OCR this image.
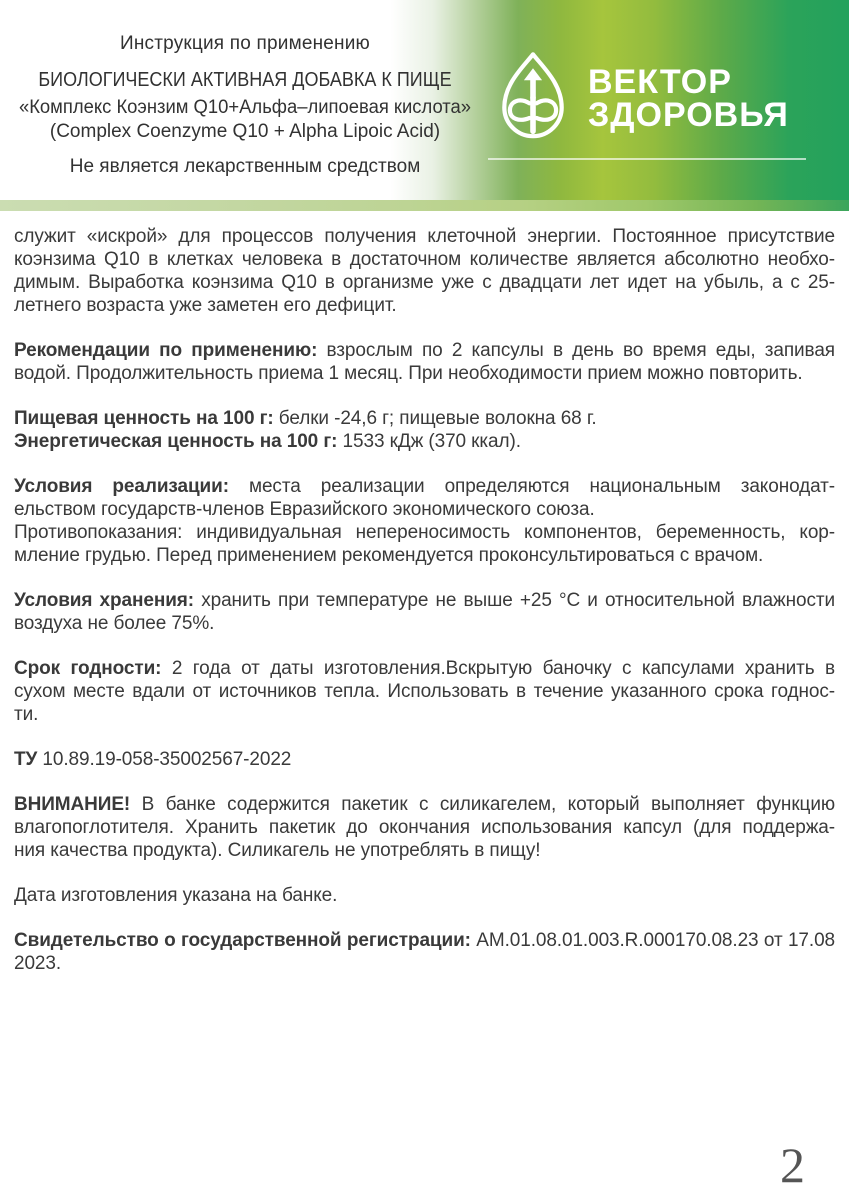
Инструкция по применению
БИОЛОГИЧЕСКИ АКТИВНАЯ ДОБАВКА К ПИЩЕ
«Комплекс Коэнзим Q10+Альфа–липоевая кислота»
(Complex Coenzyme Q10 + Alpha Lipoic Acid)
Не является лекарственным средством
ВЕКТОР
ЗДОРОВЬЯ
служит «искрой» для процессов получения клеточной энергии. Постоянное присутствие
коэнзима Q10 в клетках человека в достаточном количестве является абсолютно необхо-
димым. Выработка коэнзима Q10 в организме уже с двадцати лет идет на убыль, а с 25-
летнего возраста уже заметен его дефицит.
Рекомендации по применению: взрослым по 2 капсулы в день во время еды, запивая
водой. Продолжительность приема 1 месяц. При необходимости прием можно повторить.
Пищевая ценность на 100 г: белки -24,6 г; пищевые волокна 68 г.
Энергетическая ценность на 100 г: 1533 кДж (370 ккал).
Условия реализации: места реализации определяются национальным законодат-
ельством государств-членов Евразийского экономического союза.
Противопоказания: индивидуальная непереносимость компонентов, беременность, кор-
мление грудью. Перед применением рекомендуется проконсультироваться с врачом.
Условия хранения: хранить при температуре не выше +25 °C и относительной влажности
воздуха не более 75%.
Срок годности: 2 года от даты изготовления.Вскрытую баночку с капсулами хранить в
сухом месте вдали от источников тепла. Использовать в течение указанного срока годнос-
ти.
ТУ 10.89.19-058-35002567-2022
ВНИМАНИЕ! В банке содержится пакетик с силикагелем, который выполняет функцию
влагопоглотителя. Хранить пакетик до окончания использования капсул (для поддержа-
ния качества продукта). Силикагель не употреблять в пищу!
Дата изготовления указана на банке.
Свидетельство о государственной регистрации: AM.01.08.01.003.R.000170.08.23 от 17.08
2023.
2
